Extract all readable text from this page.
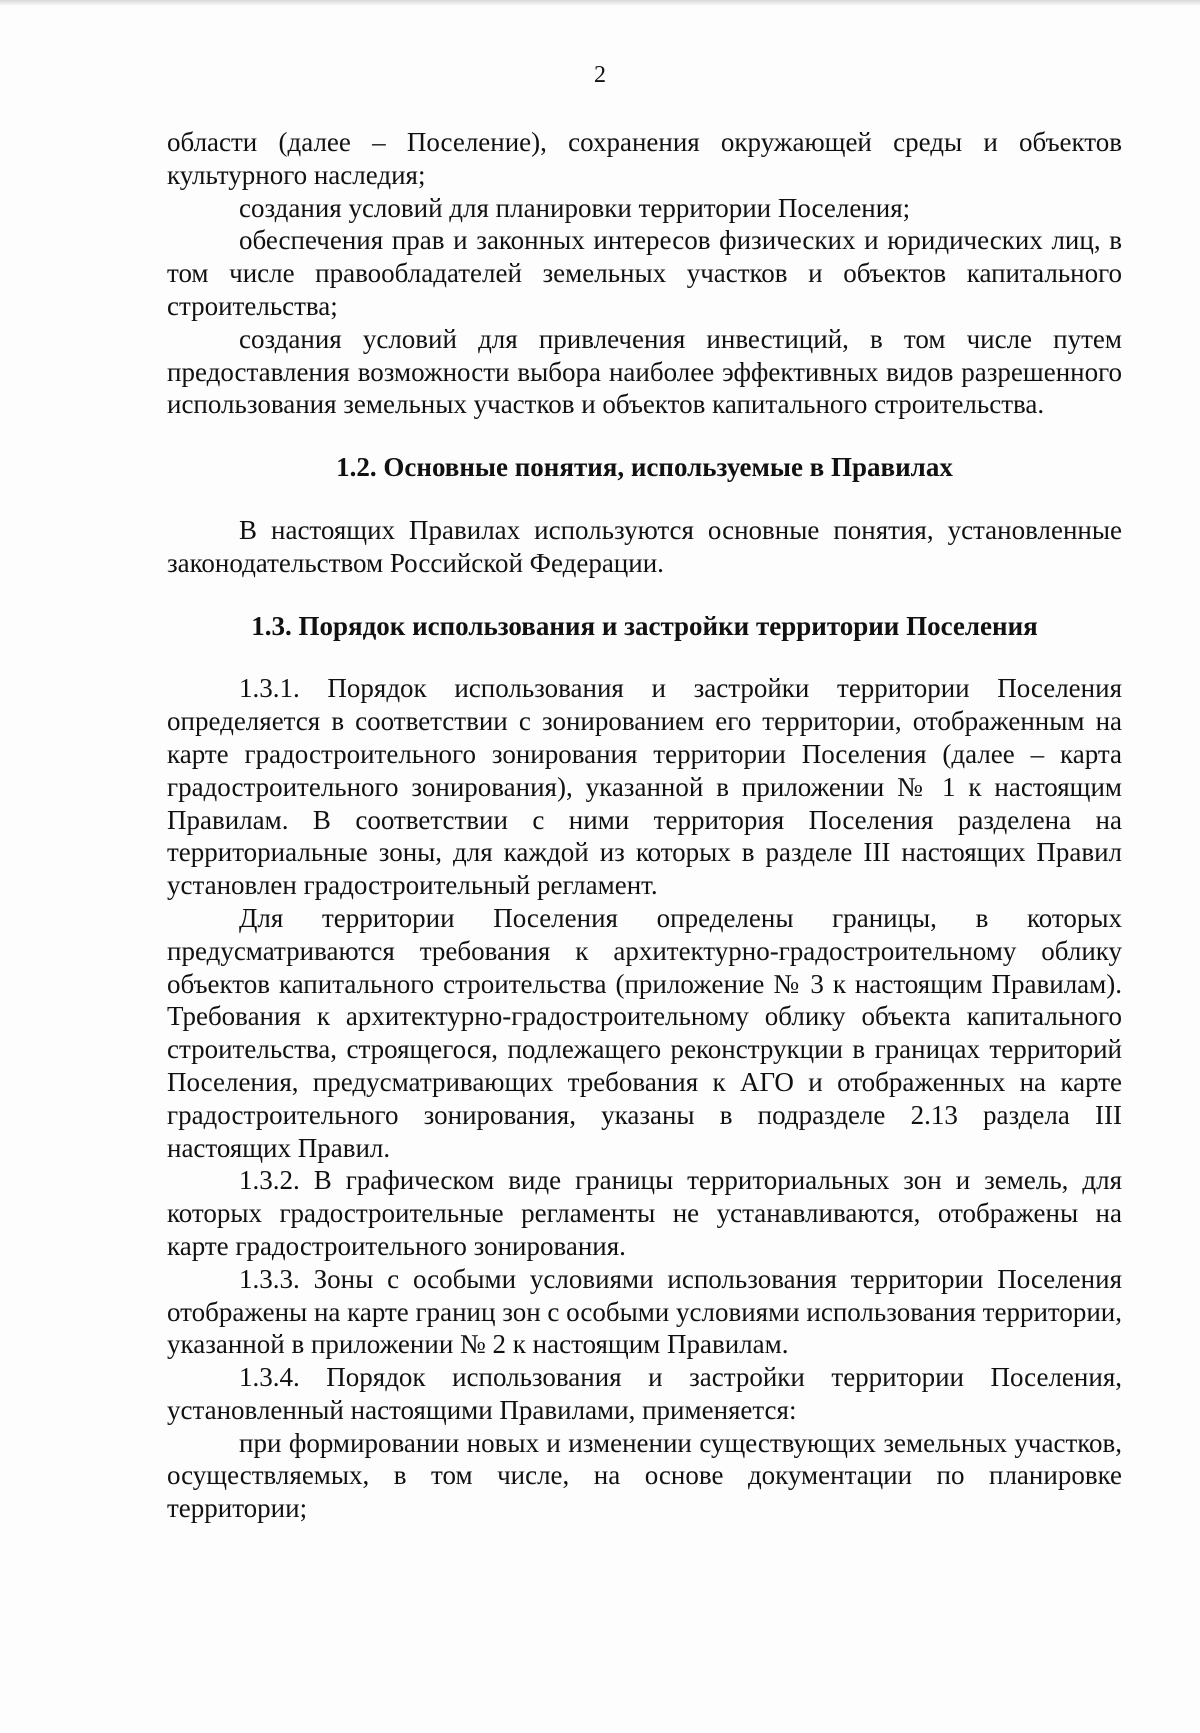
2

области (далее – Поселение), сохранения окружающей среды и объектов культурного наследия;

создания условий для планировки территории Поселения;

обеспечения прав и законных интересов физических и юридических лиц, в том числе правообладателей земельных участков и объектов капитального строительства;

создания условий для привлечения инвестиций, в том числе путем предоставления возможности выбора наиболее эффективных видов разрешенного использования земельных участков и объектов капитального строительства.

1.2. Основные понятия, используемые в Правилах

В настоящих Правилах используются основные понятия, установленные законодательством Российской Федерации.

1.3. Порядок использования и застройки территории Поселения

1.3.1. Порядок использования и застройки территории Поселения определяется в соответствии с зонированием его территории, отображенным на карте градостроительного зонирования территории Поселения (далее – карта градостроительного зонирования), указанной в приложении № 1 к настоящим Правилам. В соответствии с ними территория Поселения разделена на территориальные зоны, для каждой из которых в разделе III настоящих Правил установлен градостроительный регламент.

Для территории Поселения определены границы, в которых предусматриваются требования к архитектурно-градостроительному облику объектов капитального строительства (приложение № 3 к настоящим Правилам). Требования к архитектурно-градостроительному облику объекта капитального строительства, строящегося, подлежащего реконструкции в границах территорий Поселения, предусматривающих требования к АГО и отображенных на карте градостроительного зонирования, указаны в подразделе 2.13 раздела III настоящих Правил.

1.3.2. В графическом виде границы территориальных зон и земель, для которых градостроительные регламенты не устанавливаются, отображены на карте градостроительного зонирования.

1.3.3. Зоны с особыми условиями использования территории Поселения отображены на карте границ зон с особыми условиями использования территории, указанной в приложении № 2 к настоящим Правилам.

1.3.4. Порядок использования и застройки территории Поселения, установленный настоящими Правилами, применяется:

при формировании новых и изменении существующих земельных участков, осуществляемых, в том числе, на основе документации по планировке территории;
